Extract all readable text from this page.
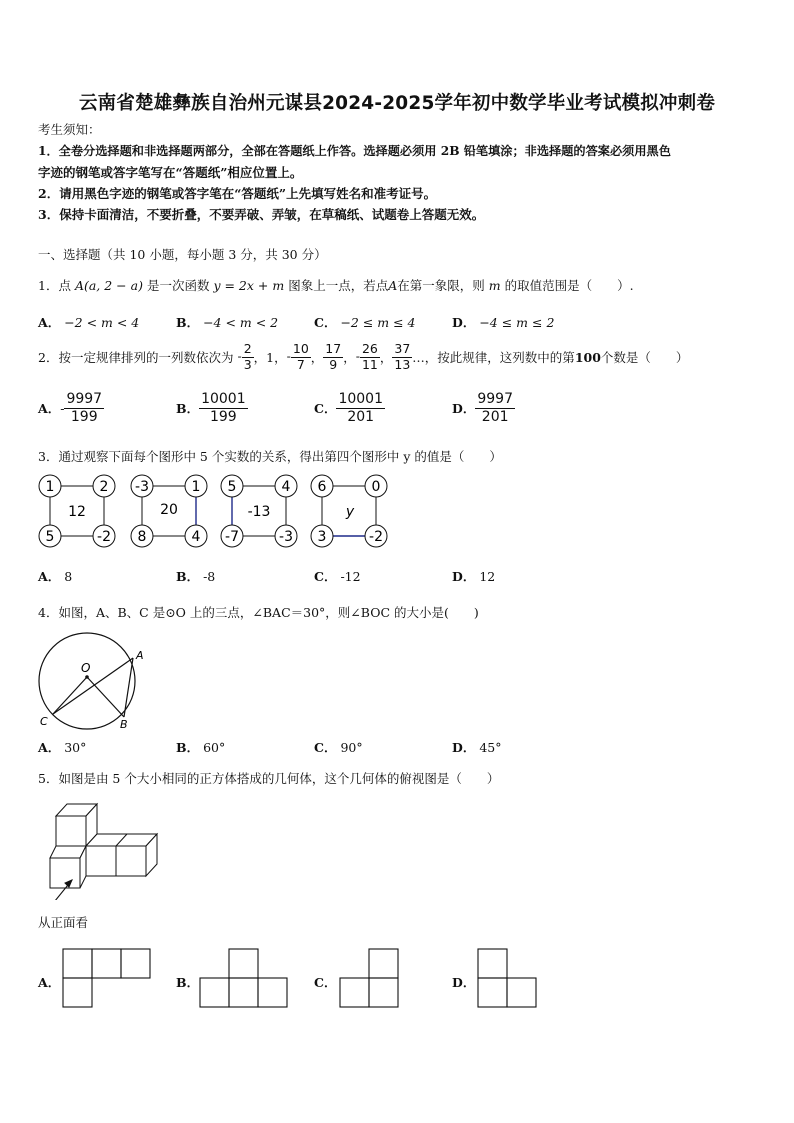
云南省楚雄彝族自治州元谋县2024-2025学年初中数学毕业考试模拟冲刺卷
考生须知：
1．全卷分选择题和非选择题两部分，全部在答题纸上作答。选择题必须用 2B 铅笔填涂；非选择题的答案必须用黑色
字迹的钢笔或答字笔写在“答题纸”相应位置上。
2．请用黑色字迹的钢笔或答字笔在“答题纸”上先填写姓名和准考证号。
3．保持卡面清洁，不要折叠，不要弄破、弄皱，在草稿纸、试题卷上答题无效。
一、选择题（共 10 小题，每小题 3 分，共 30 分）
1．点 A(a, 2 − a) 是一次函数 y = 2x + m 图象上一点，若点A在第一象限，则 m 的取值范围是（　　）.
A． −2 < m < 4	B． −4 < m < 2	C． −2 ≤ m ≤ 4	D． −4 ≤ m ≤ 2
2． 按一定规律排列的一列数依次为 - $\frac{2}{3}$ ， 1 ， - $\frac{10}{7}$ ， $\frac{17}{9}$ ， - $\frac{26}{11}$ ， $\frac{37}{13}$ …， 按此规律，这列数中的第 100 个数是（　　）
A． - $\frac{9997}{199}$	B． $\frac{10001}{199}$	C． $\frac{10001}{201}$	D． $\frac{9997}{201}$
3．通过观察下面每个图形中 5 个实数的关系，得出第四个图形中 y 的值是（　　）
1	2
5	-2
12
-3	1
8	4
20
5	4
-7	-3
-13
6	0
3	-2
y
A． 8	B． -8	C． -12	D． 12
4．如图，A、B、C 是⊙O 上的三点，∠BAC＝30°，则∠BOC 的大小是(　　)
O
A
B
C
A． 30°	B． 60°	C． 90°	D． 45°
5．如图是由 5 个大小相同的正方体搭成的几何体，这个几何体的俯视图是（　　）
从正面看
A．	B．	C．	D．
